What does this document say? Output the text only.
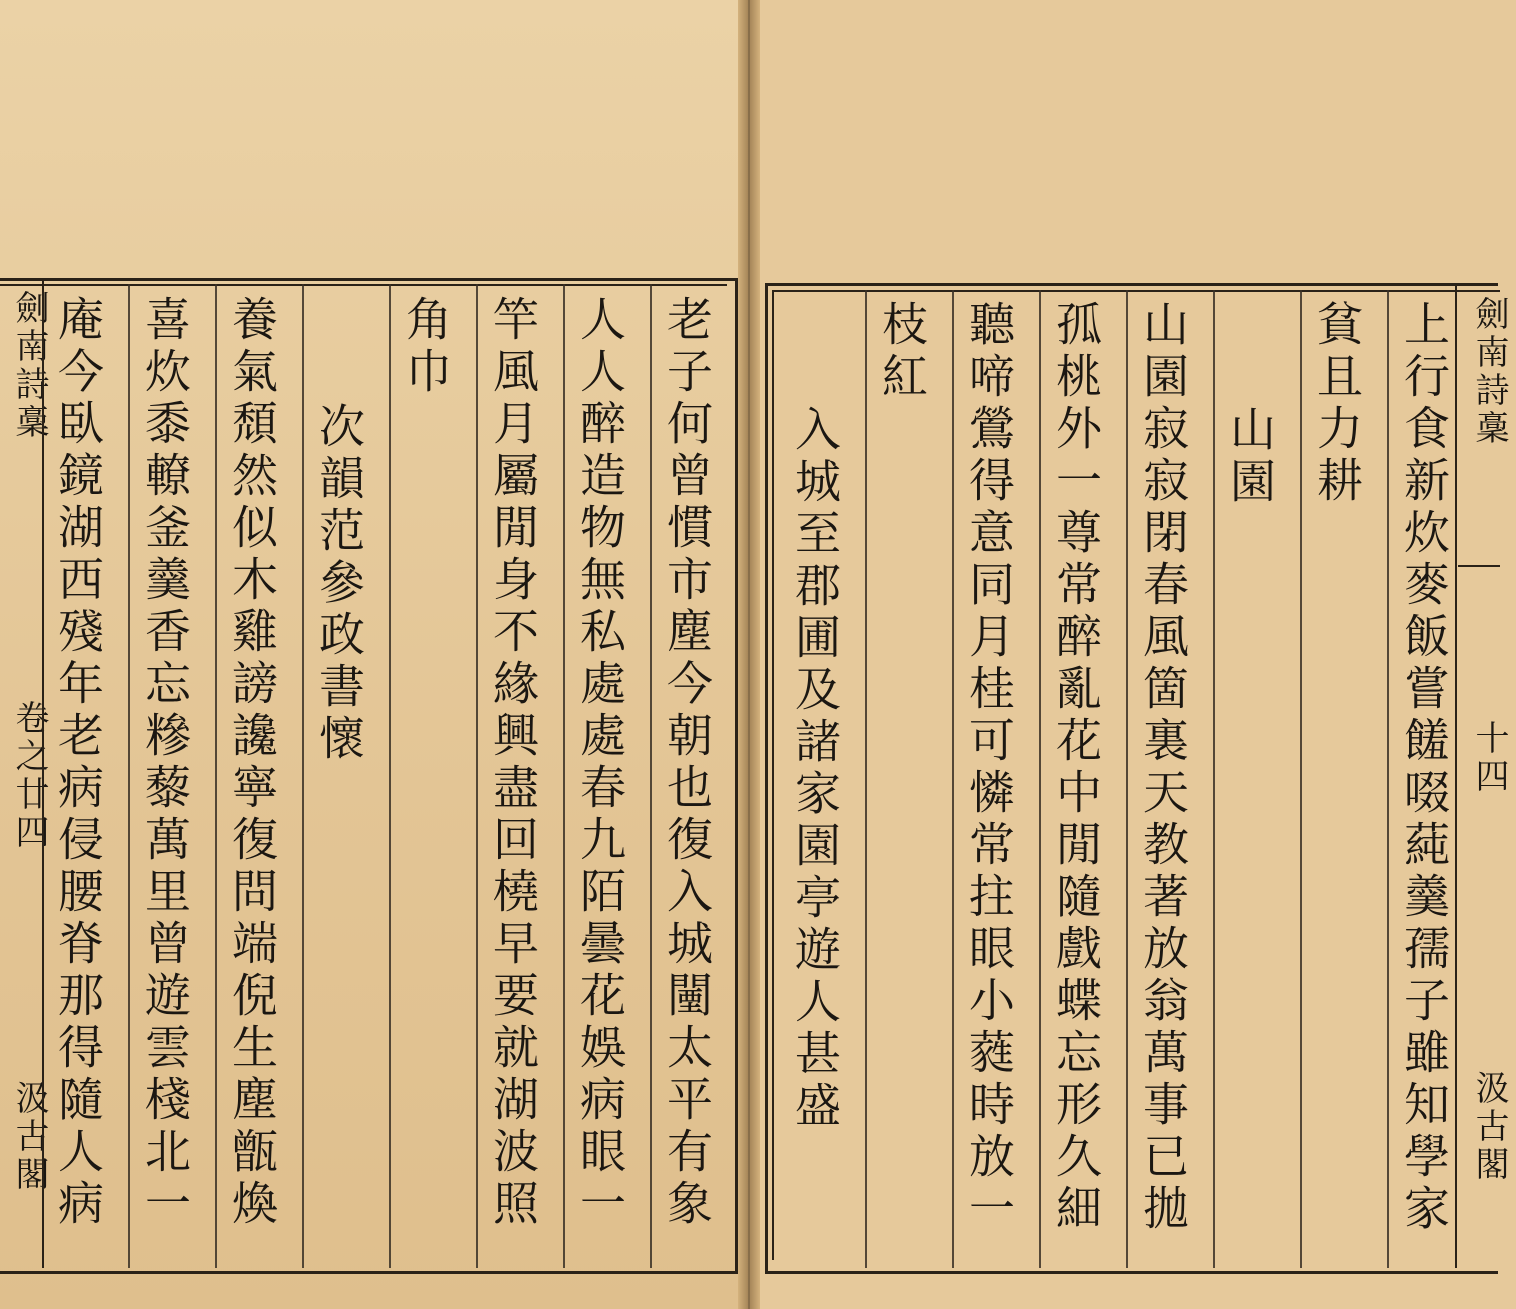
劍南詩稾
卷之廿四
汲古閣	老子何曾慣市塵今朝也復入城闉太平有象
人人醉造物無私處處春九陌曇花娛病眼一
竿風月屬閒身不緣興盡回橈早要就湖波照
角巾
次韻范參政書懷
養氣頹然似木雞謗讒寧復問端倪生塵甑煥
喜炊黍轑釜羹香忘糝藜萬里曾遊雲棧北一
庵今臥鏡湖西殘年老病侵腰脊那得隨人病	上行食新炊麥飯嘗饈啜蒓羹孺子雖知學家
貧且力耕
山園
山園寂寂閉春風箇裏天教著放翁萬事已拋
孤桃外一尊常醉亂花中閒隨戲蝶忘形久細
聽啼鶯得意同月桂可憐常拄眼小蕤時放一
枝紅
入城至郡圃及諸家園亭遊人甚盛
劍南詩稾
十四
汲古閣
